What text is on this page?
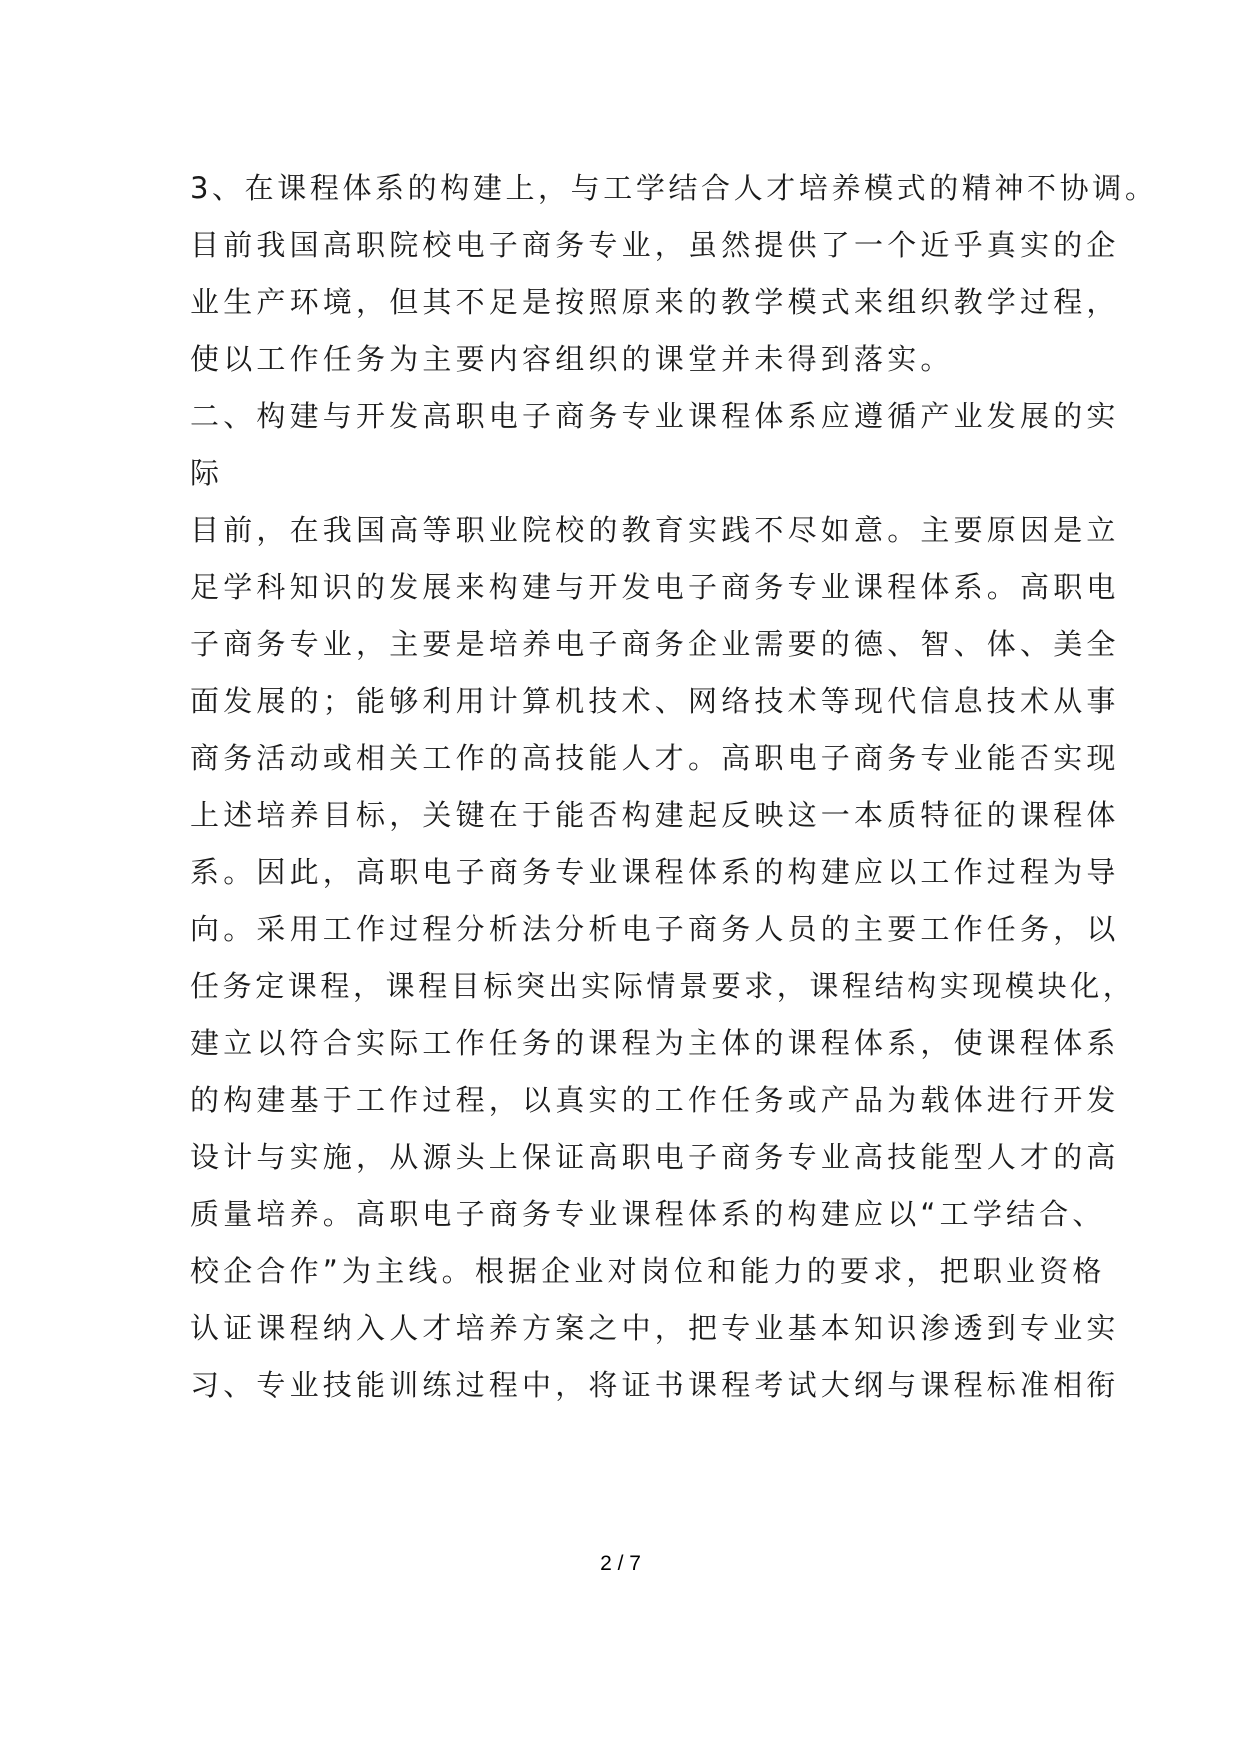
3、在课程体系的构建上，与工学结合人才培养模式的精神不协调。
目前我国高职院校电子商务专业，虽然提供了一个近乎真实的企
业生产环境，但其不足是按照原来的教学模式来组织教学过程，
使以工作任务为主要内容组织的课堂并未得到落实。
二、构建与开发高职电子商务专业课程体系应遵循产业发展的实
际
目前，在我国高等职业院校的教育实践不尽如意。主要原因是立
足学科知识的发展来构建与开发电子商务专业课程体系。高职电
子商务专业，主要是培养电子商务企业需要的德、智、体、美全
面发展的；能够利用计算机技术、网络技术等现代信息技术从事
商务活动或相关工作的高技能人才。高职电子商务专业能否实现
上述培养目标，关键在于能否构建起反映这一本质特征的课程体
系。因此，高职电子商务专业课程体系的构建应以工作过程为导
向。采用工作过程分析法分析电子商务人员的主要工作任务，以
任务定课程，课程目标突出实际情景要求，课程结构实现模块化，
建立以符合实际工作任务的课程为主体的课程体系，使课程体系
的构建基于工作过程，以真实的工作任务或产品为载体进行开发
设计与实施，从源头上保证高职电子商务专业高技能型人才的高
质量培养。高职电子商务专业课程体系的构建应以“工学结合、
校企合作”为主线。根据企业对岗位和能力的要求，把职业资格
认证课程纳入人才培养方案之中，把专业基本知识渗透到专业实
习、专业技能训练过程中，将证书课程考试大纲与课程标准相衔
2 / 7
